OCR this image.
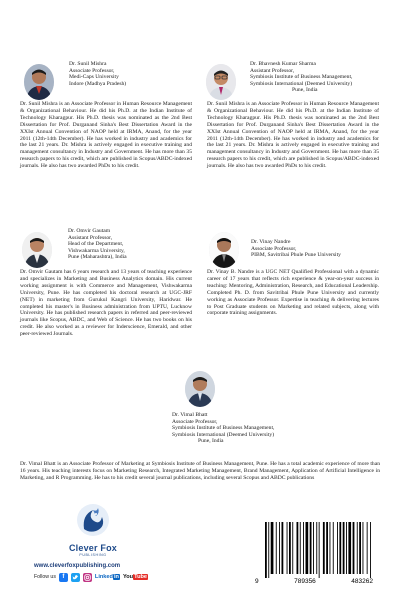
Dr. Sunil Mishra
Associate Professor,
Medi-Caps University
Indore (Madhya Pradesh)
Dr. Sunil Mishra is an Associate Professor in Human Resource Management & Organizational Behaviour. He did his Ph.D. at the Indian Institute of Technology Kharagpur. His Ph.D. thesis was nominated as the 2nd Best Dissertation for Prof. Durganand Sinha's Best Dissertation Award in the XXIst Annual Convention of NAOP held at IRMA, Anand, for the year 2011 (12th-14th December). He has worked in industry and academics for the last 21 years. Dr. Mishra is actively engaged in executive training and management consultancy in Industry and Government. He has more than 35 research papers to his credit, which are published in Scopus/ABDC-indexed journals. He also has two awarded PhDs to his credit.
Dr. Bhavnesh Kumar Sharma
Assistant Professor,
Symbiosis Institute of Business Management,
Symbiosis International (Deemed University)
Pune, India
Dr. Sunil Mishra is an Associate Professor in Human Resource Management & Organizational Behaviour. He did his Ph.D. at the Indian Institute of Technology Kharagpur. His Ph.D. thesis was nominated as the 2nd Best Dissertation for Prof. Durganand Sinha's Best Dissertation Award in the XXIst Annual Convention of NAOP held at IRMA, Anand, for the year 2011 (12th-14th December). He has worked in industry and academics for the last 21 years. Dr. Mishra is actively engaged in executive training and management consultancy in Industry and Government. He has more than 35 research papers to his credit, which are published in Scopus/ABDC-indexed journals. He also has two awarded PhDs to his credit.
Dr. Omvir Gautam
Assistant Professor,
Head of the Department,
Vishwakarma University,
Pune (Maharashtra), India
Dr. Omvir Gautam has 6 years research and 13 years of teaching experience and specializes in Marketing and Business Analytics domain. His current working assignment is with Commerce and Management, Vishwakarma University, Pune. He has completed his doctoral research at UGC-JRF (NET) in marketing from Gurukul Kangri University, Haridwar. He completed his master's in Business administration from UPTU, Lucknow University. He has published research papers in referred and peer-reviewed journals like Scopus, ABDC, and Web of Science. He has two books on his credit. He also worked as a reviewer for Inderscience, Emerald, and other peer-reviewed Journals.
Dr. Vinay Nandre
Associate Professor,
PIBM, Savitribai Phule Pune University
Dr. Vinay B. Nandre is a UGC NET Qualified Professional with a dynamic career of 17 years that reflects rich experience & year-on-year success in teaching: Mentoring, Administration, Research, and Educational Leadership. Completed Ph. D. from Savitribai Phule Pune University and currently working as Associate Professor. Expertise in teaching & delivering lectures to Post Graduate students on Marketing and related subjects, along with corporate training assignments.
Dr. Vimal Bhatt
Associate Professor,
Symbiosis Institute of Business Management,
Symbiosis International (Deemed University)
Pune, India
Dr. Vimal Bhatt is an Associate Professor of Marketing at Symbiosis Institute of Business Management, Pune. He has a total academic experience of more than 16 years. His teaching interests focus on Marketing Research, Integrated Marketing Management, Brand Management, Application of Artificial Intelligence in Marketing, and R Programming. He has to his credit several journal publications, including several Scopus and ABDC publications
Clever Fox
PUBLISHING
www.cleverfoxpublishing.com
Follow us	f	Linkedin YouTube
9	789356	483262
